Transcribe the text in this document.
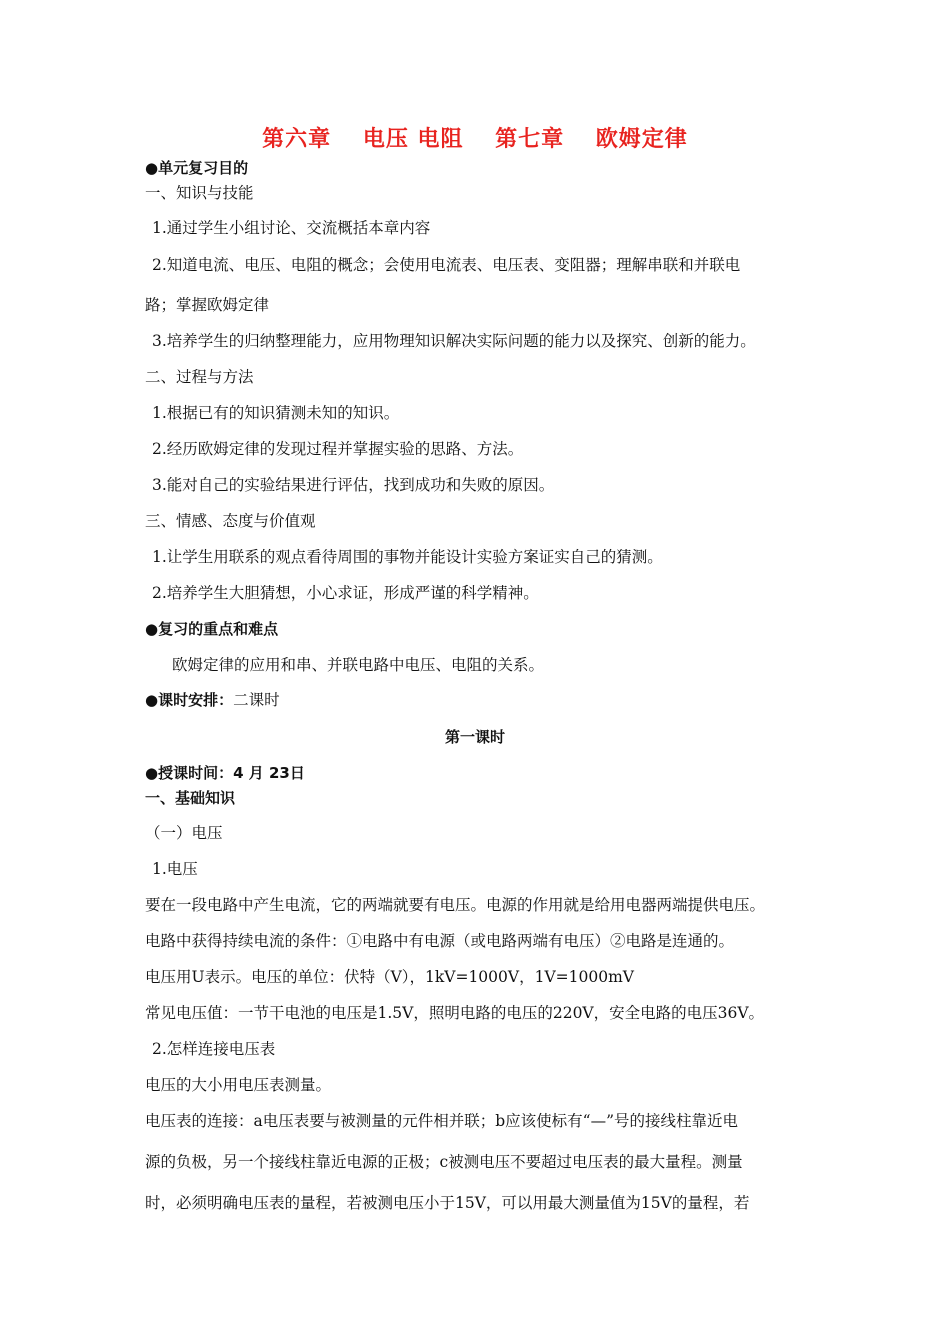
第六章　 电压 电阻　 第七章　 欧姆定律
●单元复习目的
一、知识与技能
1.通过学生小组讨论、交流概括本章内容
2.知道电流、电压、电阻的概念；会使用电流表、电压表、变阻器；理解串联和并联电
路；掌握欧姆定律
3.培养学生的归纳整理能力，应用物理知识解决实际问题的能力以及探究、创新的能力。
二、过程与方法
1.根据已有的知识猜测未知的知识。
2.经历欧姆定律的发现过程并掌握实验的思路、方法。
3.能对自己的实验结果进行评估，找到成功和失败的原因。
三、情感、态度与价值观
1.让学生用联系的观点看待周围的事物并能设计实验方案证实自己的猜测。
2.培养学生大胆猜想，小心求证，形成严谨的科学精神。
●复习的重点和难点
欧姆定律的应用和串、并联电路中电压、电阻的关系。
●课时安排：二课时
第一课时
●授课时间：4 月 23日
一、基础知识
（一）电压
1.电压
要在一段电路中产生电流，它的两端就要有电压。电源的作用就是给用电器两端提供电压。
电路中获得持续电流的条件：①电路中有电源（或电路两端有电压）②电路是连通的。
电压用U表示。电压的单位：伏特（V），1kV=1000V，1V=1000mV
常见电压值：一节干电池的电压是1.5V，照明电路的电压的220V，安全电路的电压36V。
2.怎样连接电压表
电压的大小用电压表测量。
电压表的连接：a电压表要与被测量的元件相并联；b应该使标有“—”号的接线柱靠近电
源的负极，另一个接线柱靠近电源的正极；c被测电压不要超过电压表的最大量程。测量
时，必须明确电压表的量程，若被测电压小于15V，可以用最大测量值为15V的量程，若
